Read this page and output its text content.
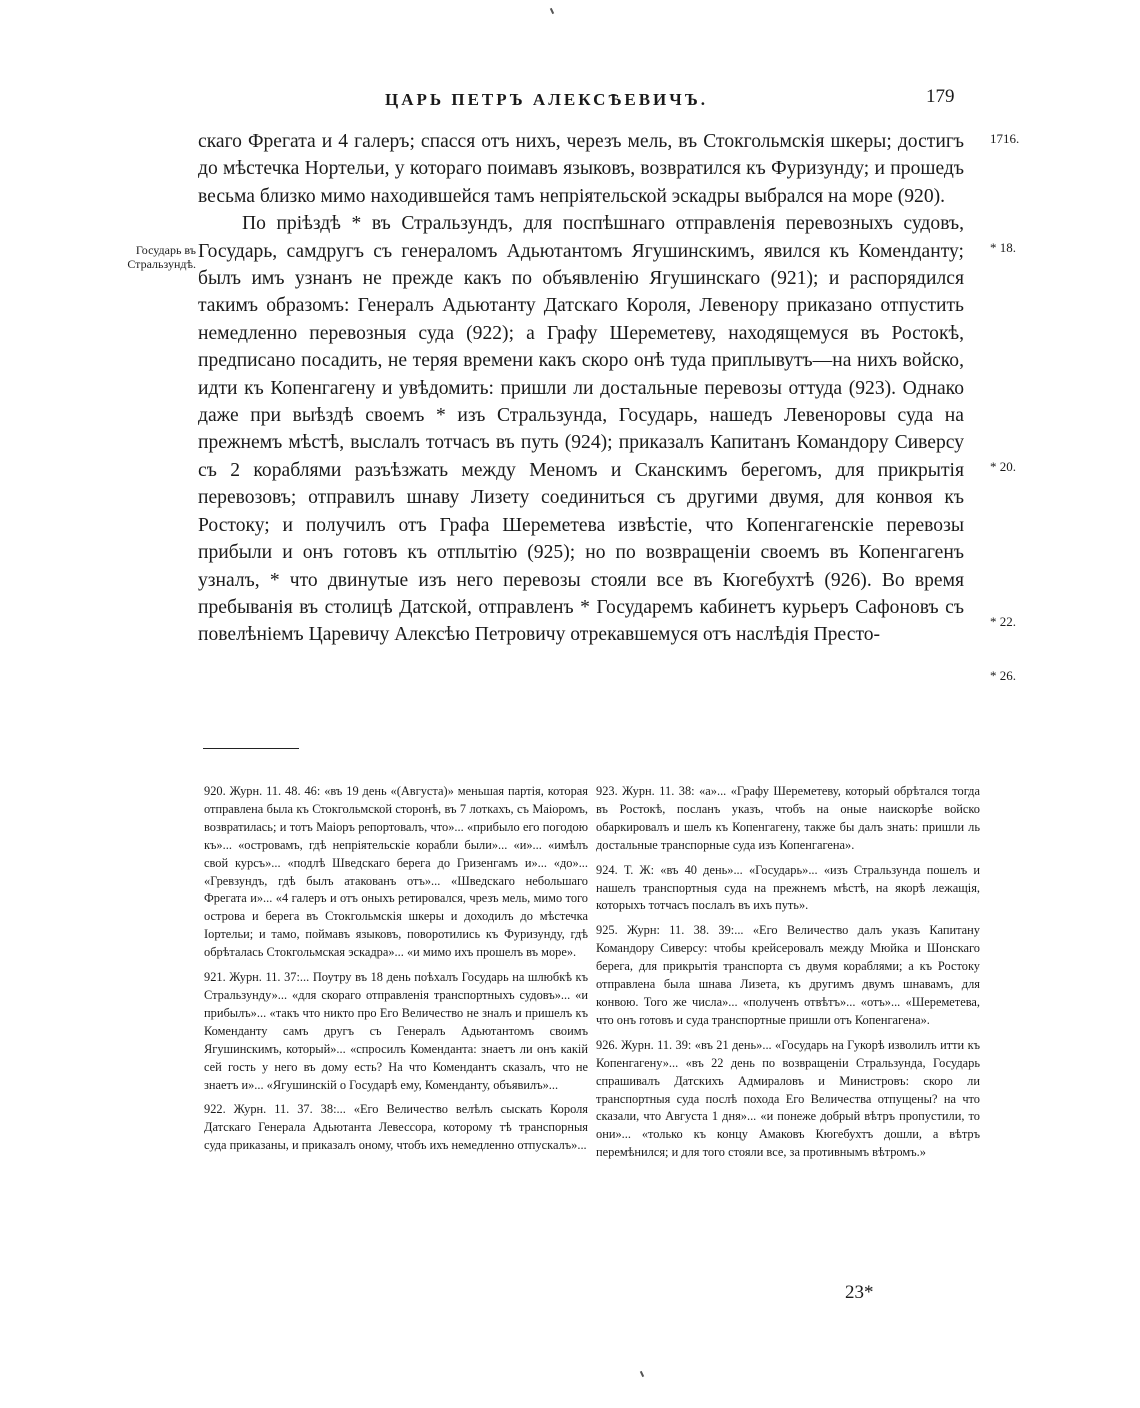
ЦАРЬ ПЕТРЪ АЛЕКСѢЕВИЧЪ.	179

скаго Фрегата и 4 галеръ; спасся отъ нихъ, черезъ мель, въ Стокгольмскія шкеры; достигъ до мѣстечка Нортельи, у котораго поимавъ языковъ, возвратился къ Фуризунду; и прошедъ весьма близко мимо находившейся тамъ непріятельской эскадры выбрался на море (920).

По пріѣздѣ * въ Стральзундъ, для поспѣшнаго отправленія перевозныхъ судовъ, Государь, самдругъ съ генераломъ Адьютантомъ Ягушинскимъ, явился къ Коменданту; былъ имъ узнанъ не прежде какъ по объявленію Ягушинскаго (921); и распорядился такимъ образомъ: Генералъ Адьютанту Датскаго Короля, Левенору приказано отпустить немедленно перевозныя суда (922); а Графу Шереметеву, находящемуся въ Ростокѣ, предписано посадить, не теряя времени какъ скоро онѣ туда приплывутъ—на нихъ войско, идти къ Копенгагену и увѣдомить: пришли ли достальные перевозы оттуда (923). Однако даже при выѣздѣ своемъ * изъ Стральзунда, Государь, нашедъ Левеноровы суда на прежнемъ мѣстѣ, выслалъ тотчасъ въ путь (924); приказалъ Капитанъ Командору Сиверсу съ 2 кораблями разъѣзжать между Меномъ и Сканскимъ берегомъ, для прикрытія перевозовъ; отправилъ шнаву Лизету соединиться съ другими двумя, для конвоя къ Ростоку; и получилъ отъ Графа Шереметева извѣстіе, что Копенгагенскіе перевозы прибыли и онъ готовъ къ отплытію (925); но по возвращеніи своемъ въ Копенгагенъ узналъ, * что двинутые изъ него перевозы стояли все въ Кюгебухтѣ (926). Во время пребыванія въ столицѣ Датской, отправленъ * Государемъ кабинетъ курьеръ Сафоновъ съ повелѣніемъ Царевичу Алексѣю Петровичу отрекавшемуся отъ наслѣдія Престо-

Государь въ Стральзундѣ.
1716.
* 18.
* 20.
* 22.
* 26.

920. Журн. 11. 48. 46: «въ 19 день «(Августа)» меньшая партія, которая отправлена была къ Стокгольмской сторонѣ, въ 7 лоткахъ, съ Маіоромъ, возвратилась; и тотъ Маіоръ репортовалъ, что»... «прибыло его погодою къ»... «островамъ, гдѣ непріятельскіе корабли были»... «и»... «имѣлъ свой курсъ»... «подлѣ Шведскаго берега до Гризенгамъ и»... «до»... «Гревзундъ, гдѣ былъ атакованъ отъ»... «Шведскаго небольшаго Фрегата и»... «4 галеръ и отъ оныхъ ретировался, чрезъ мель, мимо того острова и берега въ Стокгольмскія шкеры и доходилъ до мѣстечка Іортельи; и тамо, поймавъ языковъ, поворотились къ Фуризунду, гдѣ обрѣталась Стокгольмская эскадра»... «и мимо ихъ прошелъ въ море».

921. Журн. 11. 37:... Поутру въ 18 день поѣхалъ Государь на шлюбкѣ къ Стральзунду»... «для скораго отправленія транспортныхъ судовъ»... «и прибылъ»... «такъ что никто про Его Величество не зналъ и пришелъ къ Коменданту самъ другъ съ Генералъ Адьютантомъ своимъ Ягушинскимъ, который»... «спросилъ Коменданта: знаетъ ли онъ какій сей гость у него въ дому есть? На что Комендантъ сказалъ, что не знаетъ и»... «Ягушинскій о Государѣ ему, Коменданту, объявилъ»...

922. Журн. 11. 37. 38:... «Его Величество велѣлъ сыскать Короля Датскаго Генерала Адьютанта Левессора, которому тѣ транспорныя суда приказаны, и приказалъ оному, чтобъ ихъ немедленно отпускалъ»...

923. Журн. 11. 38: «а»... «Графу Шереметеву, который обрѣтался тогда въ Ростокѣ, посланъ указъ, чтобъ на оные наискорѣе войско обаркировалъ и шелъ къ Копенгагену, также бы далъ знать: пришли ль достальные транспорные суда изъ Копенгагена».

924. Т. Ж: «въ 40 день»... «Государь»... «изъ Стральзунда пошелъ и нашелъ транспортныя суда на прежнемъ мѣстѣ, на якорѣ лежащія, которыхъ тотчасъ послалъ въ ихъ путь».

925. Журн: 11. 38. 39:... «Его Величество далъ указъ Капитану Командору Сиверсу: чтобы крейсеровалъ между Мюйка и Шонскаго берега, для прикрытія транспорта съ двумя кораблями; а къ Ростоку отправлена была шнава Лизета, къ другимъ двумъ шнавамъ, для конвою. Того же числа»... «полученъ отвѣтъ»... «отъ»... «Шереметева, что онъ готовъ и суда транспортные пришли отъ Копенгагена».

926. Журн. 11. 39: «въ 21 день»... «Государь на Гукорѣ изволилъ итти къ Копенгагену»... «въ 22 день по возвращеніи Стральзунда, Государь спрашивалъ Датскихъ Адмираловъ и Министровъ: скоро ли транспортныя суда послѣ похода Его Величества отпущены? на что сказали, что Августа 1 дня»... «и понеже добрый вѣтръ пропустили, то они»... «только къ концу Амаковъ Кюгебухтъ дошли, а вѣтръ перемѣнился; и для того стояли все, за противнымъ вѣтромъ.»

23*
